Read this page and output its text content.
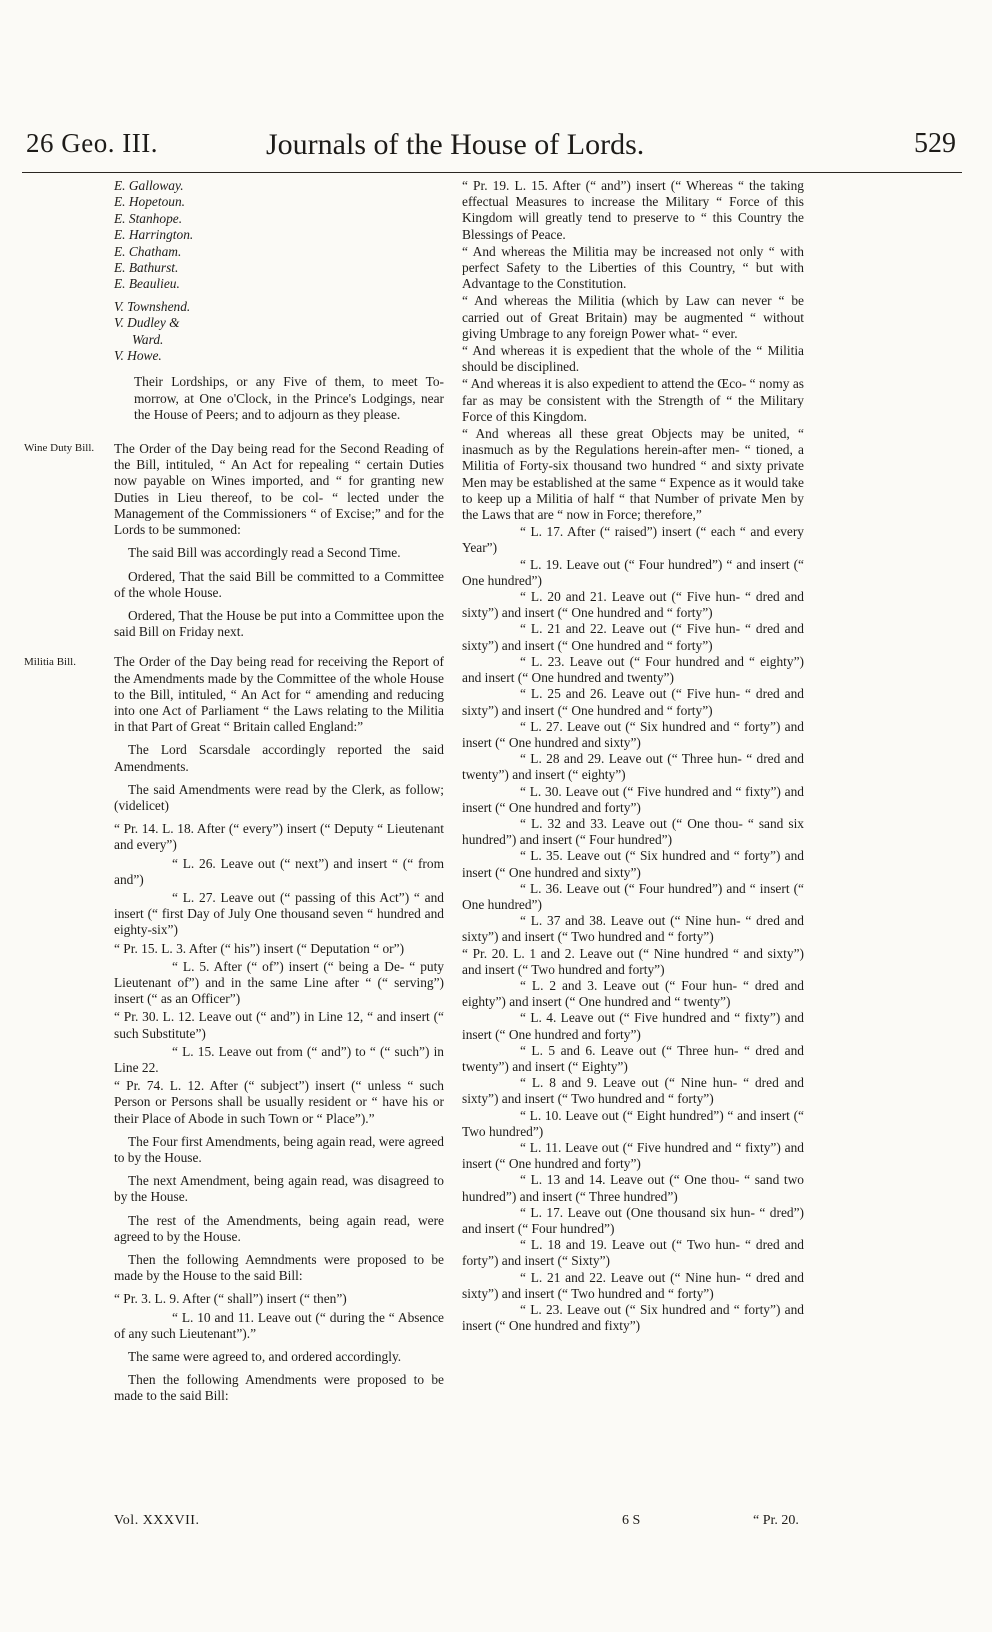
26 Geo. III.	Journals of the House of Lords.	529
Wine Duty Bill.
Militia Bill.
E. Galloway.
E. Hopetoun.
E. Stanhope.
E. Harrington.
E. Chatham.
E. Bathurst.
E. Beaulieu.
V. Townshend.
V. Dudley &
Ward.
V. Howe.

Their Lordships, or any Five of them, to meet To-morrow, at One o'Clock, in the Prince's Lodgings, near the House of Peers; and to adjourn as they please.

The Order of the Day being read for the Second Reading of the Bill, intituled, “ An Act for repealing “ certain Duties now payable on Wines imported, and “ for granting new Duties in Lieu thereof, to be col- “ lected under the Management of the Commissioners “ of Excise;” and for the Lords to be summoned:

The said Bill was accordingly read a Second Time.

Ordered, That the said Bill be committed to a Committee of the whole House.

Ordered, That the House be put into a Committee upon the said Bill on Friday next.

The Order of the Day being read for receiving the Report of the Amendments made by the Committee of the whole House to the Bill, intituled, “ An Act for “ amending and reducing into one Act of Parliament “ the Laws relating to the Militia in that Part of Great “ Britain called England:”

The Lord Scarsdale accordingly reported the said Amendments.

The said Amendments were read by the Clerk, as follow; (videlicet)

“ Pr. 14. L. 18. After (“ every”) insert (“ Deputy “ Lieutenant and every”)

“ L. 26. Leave out (“ next”) and insert “ (“ from and”)

“ L. 27. Leave out (“ passing of this Act”) “ and insert (“ first Day of July One thousand seven “ hundred and eighty-six”)

“ Pr. 15. L. 3. After (“ his”) insert (“ Deputation “ or”)

“ L. 5. After (“ of”) insert (“ being a De- “ puty Lieutenant of”) and in the same Line after “ (“ serving”) insert (“ as an Officer”)

“ Pr. 30. L. 12. Leave out (“ and”) in Line 12, “ and insert (“ such Substitute”)

“ L. 15. Leave out from (“ and”) to “ (“ such”) in Line 22.

“ Pr. 74. L. 12. After (“ subject”) insert (“ unless “ such Person or Persons shall be usually resident or “ have his or their Place of Abode in such Town or “ Place”).”

The Four first Amendments, being again read, were agreed to by the House.

The next Amendment, being again read, was disagreed to by the House.

The rest of the Amendments, being again read, were agreed to by the House.

Then the following Aemndments were proposed to be made by the House to the said Bill:

“ Pr. 3. L. 9. After (“ shall”) insert (“ then”)

“ L. 10 and 11. Leave out (“ during the “ Absence of any such Lieutenant”).”

The same were agreed to, and ordered accordingly.

Then the following Amendments were proposed to be made to the said Bill:

“ Pr. 19. L. 15. After (“ and”) insert (“ Whereas “ the taking effectual Measures to increase the Military “ Force of this Kingdom will greatly tend to preserve to “ this Country the Blessings of Peace.

“ And whereas the Militia may be increased not only “ with perfect Safety to the Liberties of this Country, “ but with Advantage to the Constitution.

“ And whereas the Militia (which by Law can never “ be carried out of Great Britain) may be augmented “ without giving Umbrage to any foreign Power what- “ ever.

“ And whereas it is expedient that the whole of the “ Militia should be disciplined.

“ And whereas it is also expedient to attend the Œco- “ nomy as far as may be consistent with the Strength of “ the Military Force of this Kingdom.

“ And whereas all these great Objects may be united, “ inasmuch as by the Regulations herein-after men- “ tioned, a Militia of Forty-six thousand two hundred “ and sixty private Men may be established at the same “ Expence as it would take to keep up a Militia of half “ that Number of private Men by the Laws that are “ now in Force; therefore,”

“ L. 17. After (“ raised”) insert (“ each “ and every Year”)

“ L. 19. Leave out (“ Four hundred”) “ and insert (“ One hundred”)

“ L. 20 and 21. Leave out (“ Five hun- “ dred and sixty”) and insert (“ One hundred and “ forty”)

“ L. 21 and 22. Leave out (“ Five hun- “ dred and sixty”) and insert (“ One hundred and “ forty”)

“ L. 23. Leave out (“ Four hundred and “ eighty”) and insert (“ One hundred and twenty”)

“ L. 25 and 26. Leave out (“ Five hun- “ dred and sixty”) and insert (“ One hundred and “ forty”)

“ L. 27. Leave out (“ Six hundred and “ forty”) and insert (“ One hundred and sixty”)

“ L. 28 and 29. Leave out (“ Three hun- “ dred and twenty”) and insert (“ eighty”)

“ L. 30. Leave out (“ Five hundred and “ fixty”) and insert (“ One hundred and forty”)

“ L. 32 and 33. Leave out (“ One thou- “ sand six hundred”) and insert (“ Four hundred”)

“ L. 35. Leave out (“ Six hundred and “ forty”) and insert (“ One hundred and sixty”)

“ L. 36. Leave out (“ Four hundred”) and “ insert (“ One hundred”)

“ L. 37 and 38. Leave out (“ Nine hun- “ dred and sixty”) and insert (“ Two hundred and “ forty”)

“ Pr. 20. L. 1 and 2. Leave out (“ Nine hundred “ and sixty”) and insert (“ Two hundred and forty”)

“ L. 2 and 3. Leave out (“ Four hun- “ dred and eighty”) and insert (“ One hundred and “ twenty”)

“ L. 4. Leave out (“ Five hundred and “ fixty”) and insert (“ One hundred and forty”)

“ L. 5 and 6. Leave out (“ Three hun- “ dred and twenty”) and insert (“ Eighty”)

“ L. 8 and 9. Leave out (“ Nine hun- “ dred and sixty”) and insert (“ Two hundred and “ forty”)

“ L. 10. Leave out (“ Eight hundred”) “ and insert (“ Two hundred”)

“ L. 11. Leave out (“ Five hundred and “ fixty”) and insert (“ One hundred and forty”)

“ L. 13 and 14. Leave out (“ One thou- “ sand two hundred”) and insert (“ Three hundred”)

“ L. 17. Leave out (One thousand six hun- “ dred”) and insert (“ Four hundred”)

“ L. 18 and 19. Leave out (“ Two hun- “ dred and forty”) and insert (“ Sixty”)

“ L. 21 and 22. Leave out (“ Nine hun- “ dred and sixty”) and insert (“ Two hundred and “ forty”)

“ L. 23. Leave out (“ Six hundred and “ forty”) and insert (“ One hundred and fixty”)

Vol. XXXVII.	6 S	“ Pr. 20.
